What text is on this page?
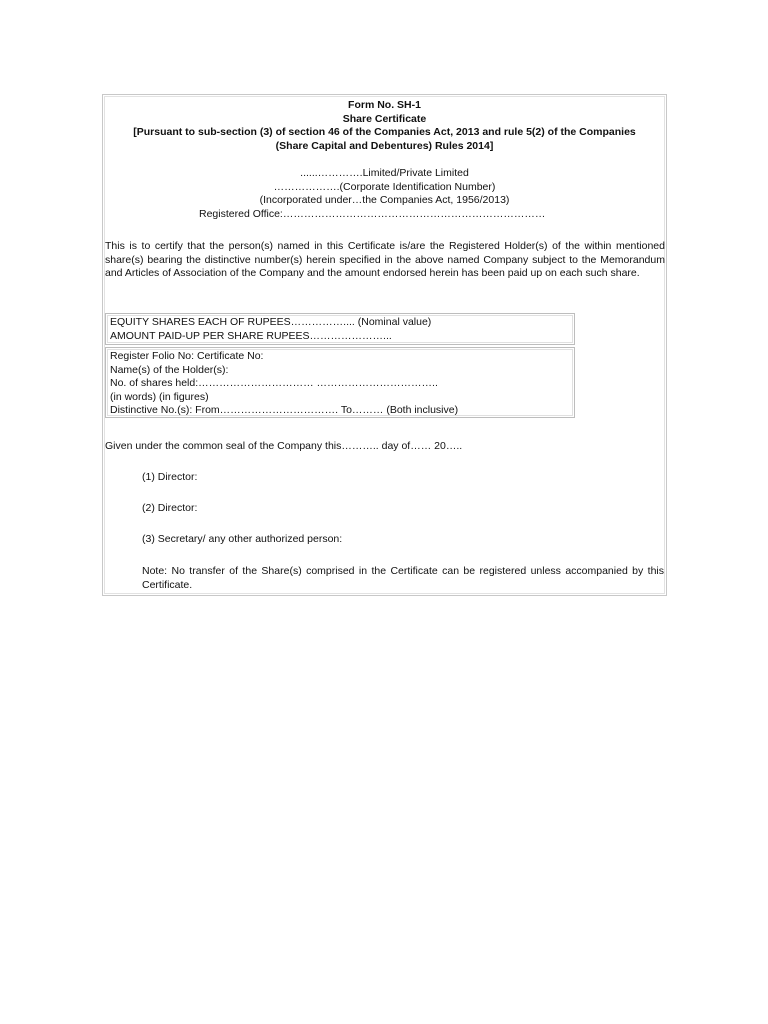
Form No. SH-1
Share Certificate
[Pursuant to sub-section (3) of section 46 of the Companies Act, 2013 and rule 5(2) of the Companies
(Share Capital and Debentures) Rules 2014]
......………….Limited/Private Limited
……………….(Corporate Identification Number)
(Incorporated under…the Companies Act, 1956/2013)
Registered Office:…………………………………………………………………
This is to certify that the person(s) named in this Certificate is/are the Registered Holder(s) of the within mentioned share(s) bearing the distinctive number(s) herein specified in the above named Company subject to the Memorandum and Articles of Association of the Company and the amount endorsed herein has been paid up on each such share.
EQUITY SHARES EACH OF RUPEES…………….... (Nominal value)
AMOUNT PAID-UP PER SHARE RUPEES…………………...
Register Folio No: Certificate No:
Name(s) of the Holder(s):
No. of shares held:…………………………… ……………………………..
(in words) (in figures)
Distinctive No.(s): From……………………………. To……… (Both inclusive)
Given under the common seal of the Company this……….. day of…… 20…..
(1) Director:
(2) Director:
(3) Secretary/ any other authorized person:
Note: No transfer of the Share(s) comprised in the Certificate can be registered unless accompanied by this Certificate.
